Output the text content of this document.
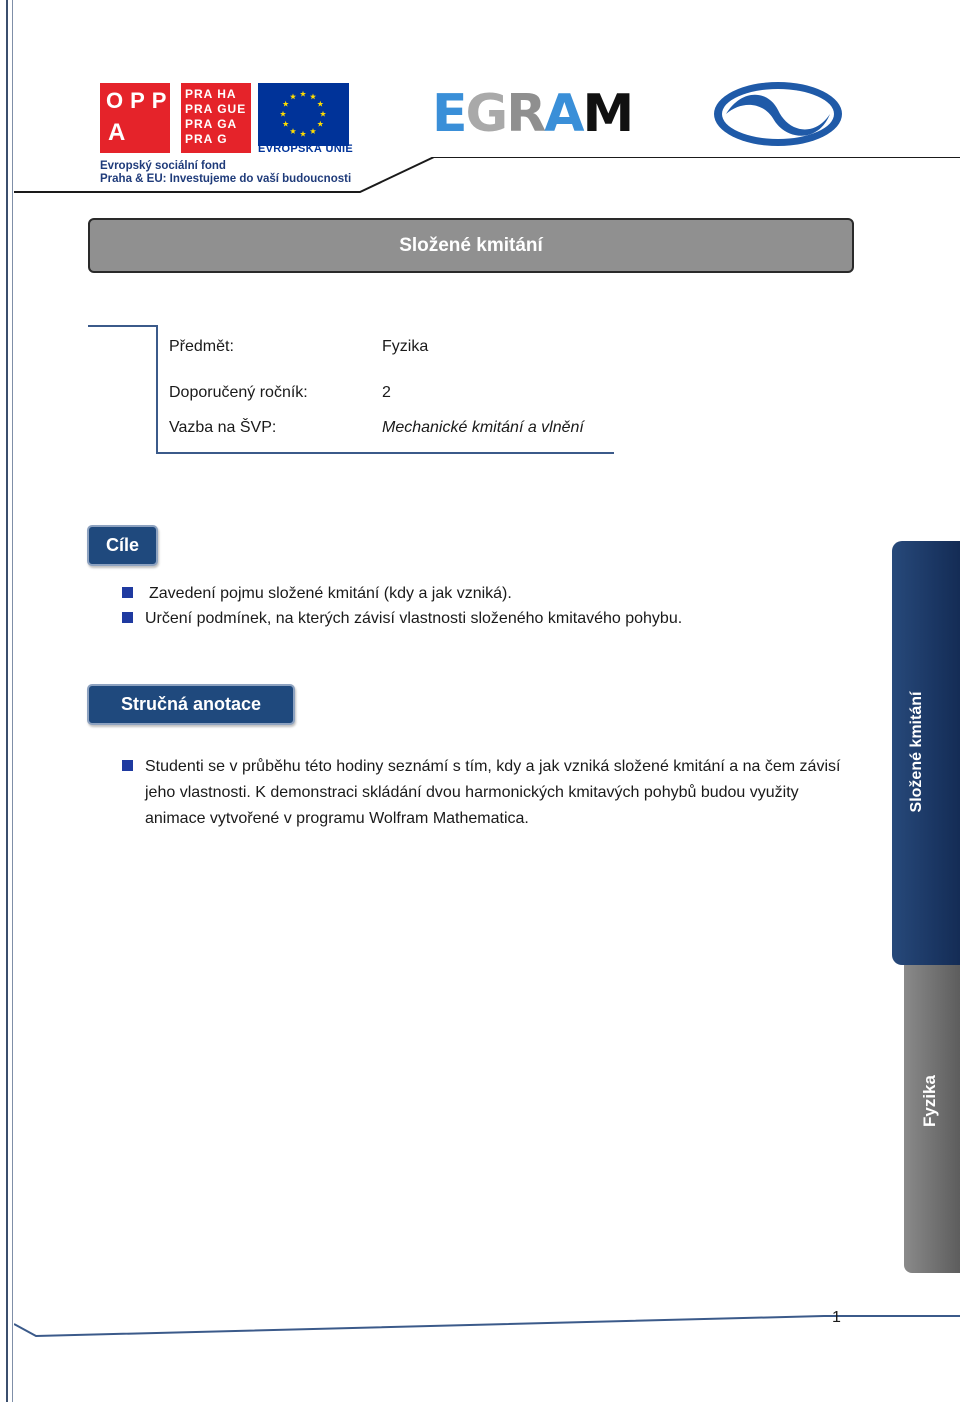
OPP
A
PRA HA
PRA GUE
PRA GA
PRA G
EVROPSKÁ UNIE
Evropský sociální fond
Praha & EU: Investujeme do vaší budoucnosti
EGRAM
Složené kmitání
Předmět:	Fyzika
Doporučený ročník:	2
Vazba na ŠVP:	Mechanické kmitání a vlnění
Cíle
Zavedení pojmu složené kmitání (kdy a jak vzniká).
Určení podmínek, na kterých závisí vlastnosti složeného kmitavého pohybu.
Stručná anotace
Studenti se v průběhu této hodiny seznámí s tím, kdy a jak vzniká složené kmitání a na čem závisí jeho vlastnosti. K demonstraci skládání dvou harmonických kmitavých pohybů budou využity animace vytvořené v programu Wolfram Mathematica.
Složené kmitání
Fyzika
1
